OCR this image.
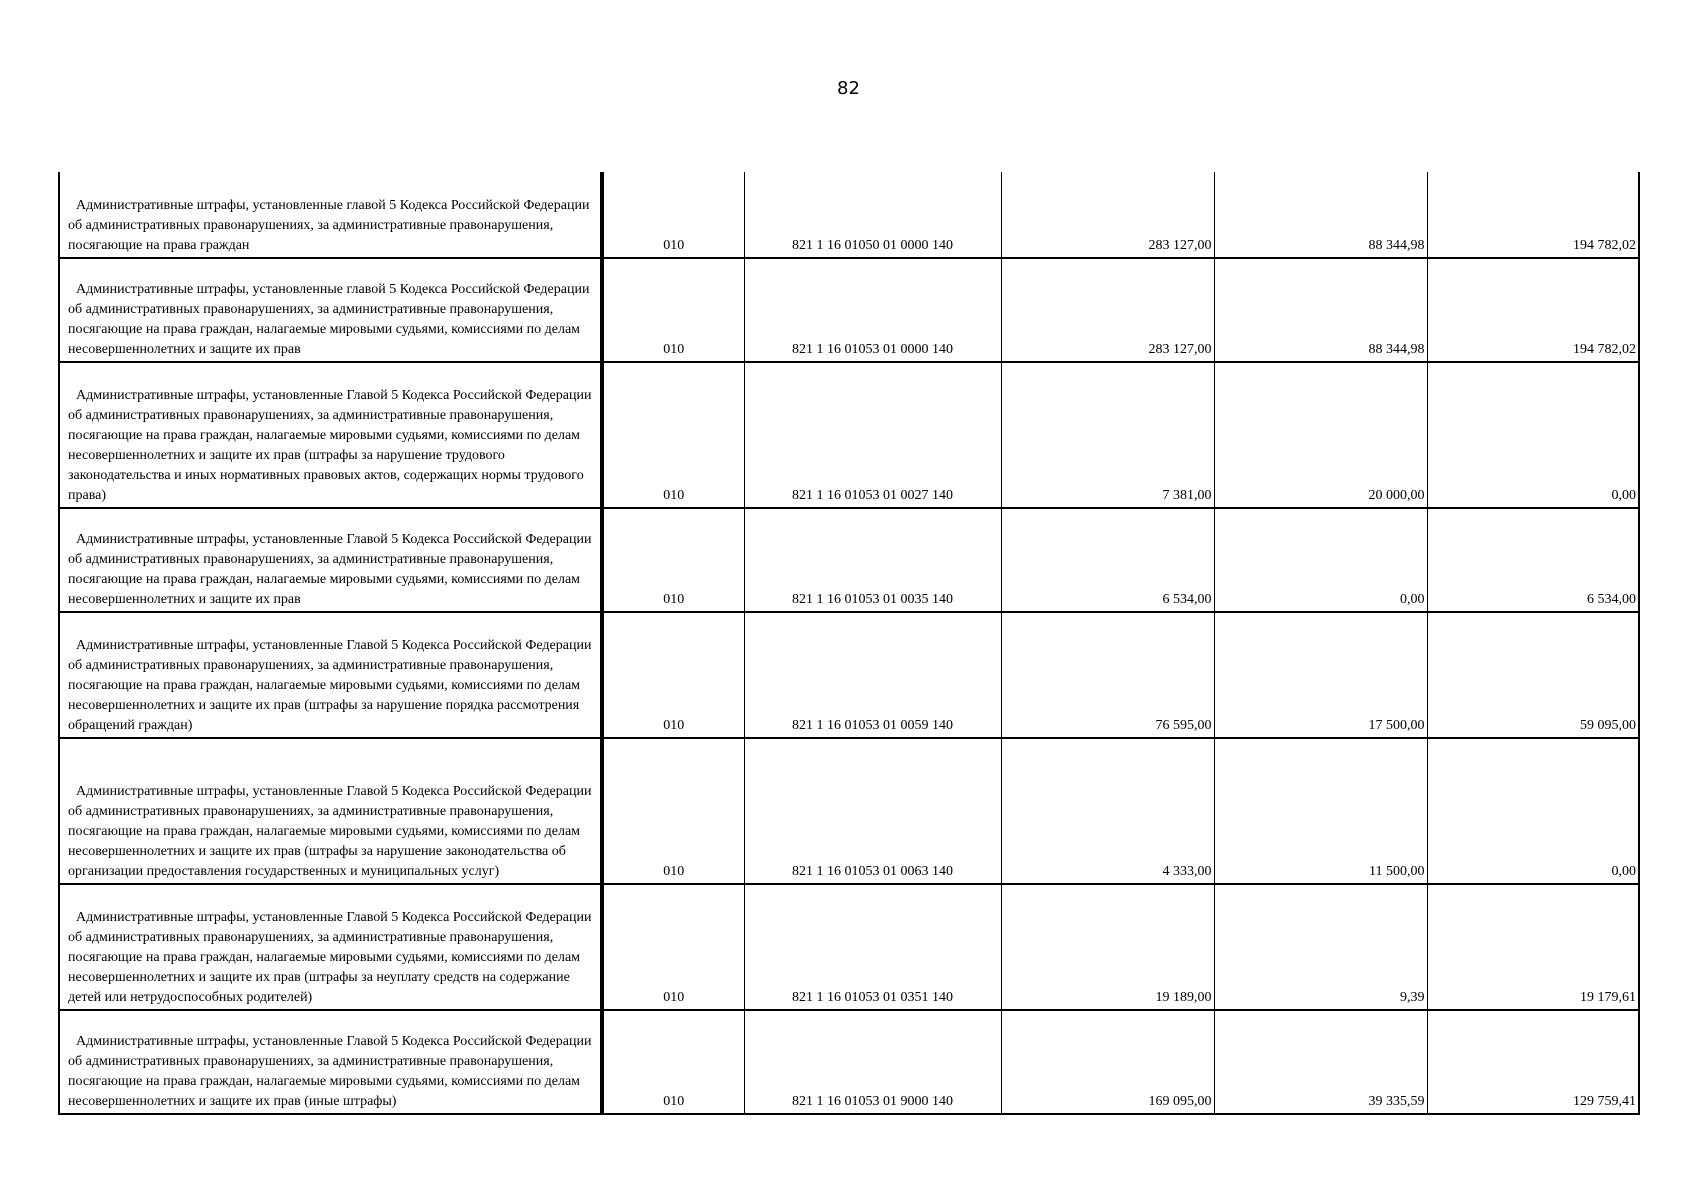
82
Административные штрафы, установленные главой 5 Кодекса Российской Федерации об административных правонарушениях, за административные правонарушения, посягающие на права граждан	010	821 1 16 01050 01 0000 140	283 127,00	88 344,98	194 782,02

Административные штрафы, установленные главой 5 Кодекса Российской Федерации об административных правонарушениях, за административные правонарушения, посягающие на права граждан, налагаемые мировыми судьями, комиссиями по делам несовершеннолетних и защите их прав	010	821 1 16 01053 01 0000 140	283 127,00	88 344,98	194 782,02

Административные штрафы, установленные Главой 5 Кодекса Российской Федерации об административных правонарушениях, за административные правонарушения, посягающие на права граждан, налагаемые мировыми судьями, комиссиями по делам несовершеннолетних и защите их прав (штрафы за нарушение трудового законодательства и иных нормативных правовых актов, содержащих нормы трудового права)	010	821 1 16 01053 01 0027 140	7 381,00	20 000,00	0,00

Административные штрафы, установленные Главой 5 Кодекса Российской Федерации об административных правонарушениях, за административные правонарушения, посягающие на права граждан, налагаемые мировыми судьями, комиссиями по делам несовершеннолетних и защите их прав	010	821 1 16 01053 01 0035 140	6 534,00	0,00	6 534,00

Административные штрафы, установленные Главой 5 Кодекса Российской Федерации об административных правонарушениях, за административные правонарушения, посягающие на права граждан, налагаемые мировыми судьями, комиссиями по делам несовершеннолетних и защите их прав (штрафы за нарушение порядка рассмотрения обращений граждан)	010	821 1 16 01053 01 0059 140	76 595,00	17 500,00	59 095,00

Административные штрафы, установленные Главой 5 Кодекса Российской Федерации об административных правонарушениях, за административные правонарушения, посягающие на права граждан, налагаемые мировыми судьями, комиссиями по делам несовершеннолетних и защите их прав (штрафы за нарушение законодательства об организации предоставления государственных и муниципальных услуг)	010	821 1 16 01053 01 0063 140	4 333,00	11 500,00	0,00

Административные штрафы, установленные Главой 5 Кодекса Российской Федерации об административных правонарушениях, за административные правонарушения, посягающие на права граждан, налагаемые мировыми судьями, комиссиями по делам несовершеннолетних и защите их прав (штрафы за неуплату средств на содержание детей или нетрудоспособных родителей)	010	821 1 16 01053 01 0351 140	19 189,00	9,39	19 179,61

Административные штрафы, установленные Главой 5 Кодекса Российской Федерации об административных правонарушениях, за административные правонарушения, посягающие на права граждан, налагаемые мировыми судьями, комиссиями по делам несовершеннолетних и защите их прав (иные штрафы)	010	821 1 16 01053 01 9000 140	169 095,00	39 335,59	129 759,41
